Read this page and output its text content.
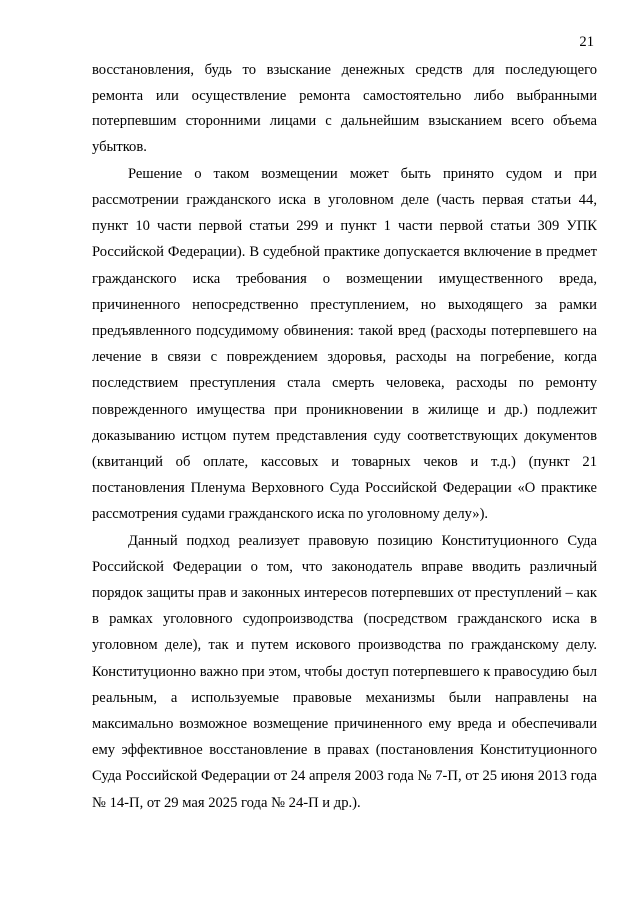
21

восстановления, будь то взыскание денежных средств для последующего ремонта или осуществление ремонта самостоятельно либо выбранными потерпевшим сторонними лицами с дальнейшим взысканием всего объема убытков.

Решение о таком возмещении может быть принято судом и при рассмотрении гражданского иска в уголовном деле (часть первая статьи 44, пункт 10 части первой статьи 299 и пункт 1 части первой статьи 309 УПК Российской Федерации). В судебной практике допускается включение в предмет гражданского иска требования о возмещении имущественного вреда, причиненного непосредственно преступлением, но выходящего за рамки предъявленного подсудимому обвинения: такой вред (расходы потерпевшего на лечение в связи с повреждением здоровья, расходы на погребение, когда последствием преступления стала смерть человека, расходы по ремонту поврежденного имущества при проникновении в жилище и др.) подлежит доказыванию истцом путем представления суду соответствующих документов (квитанций об оплате, кассовых и товарных чеков и т.д.) (пункт 21 постановления Пленума Верховного Суда Российской Федерации «О практике рассмотрения судами гражданского иска по уголовному делу»).

Данный подход реализует правовую позицию Конституционного Суда Российской Федерации о том, что законодатель вправе вводить различный порядок защиты прав и законных интересов потерпевших от преступлений – как в рамках уголовного судопроизводства (посредством гражданского иска в уголовном деле), так и путем искового производства по гражданскому делу. Конституционно важно при этом, чтобы доступ потерпевшего к правосудию был реальным, а используемые правовые механизмы были направлены на максимально возможное возмещение причиненного ему вреда и обеспечивали ему эффективное восстановление в правах (постановления Конституционного Суда Российской Федерации от 24 апреля 2003 года № 7-П, от 25 июня 2013 года № 14-П, от 29 мая 2025 года № 24-П и др.).
